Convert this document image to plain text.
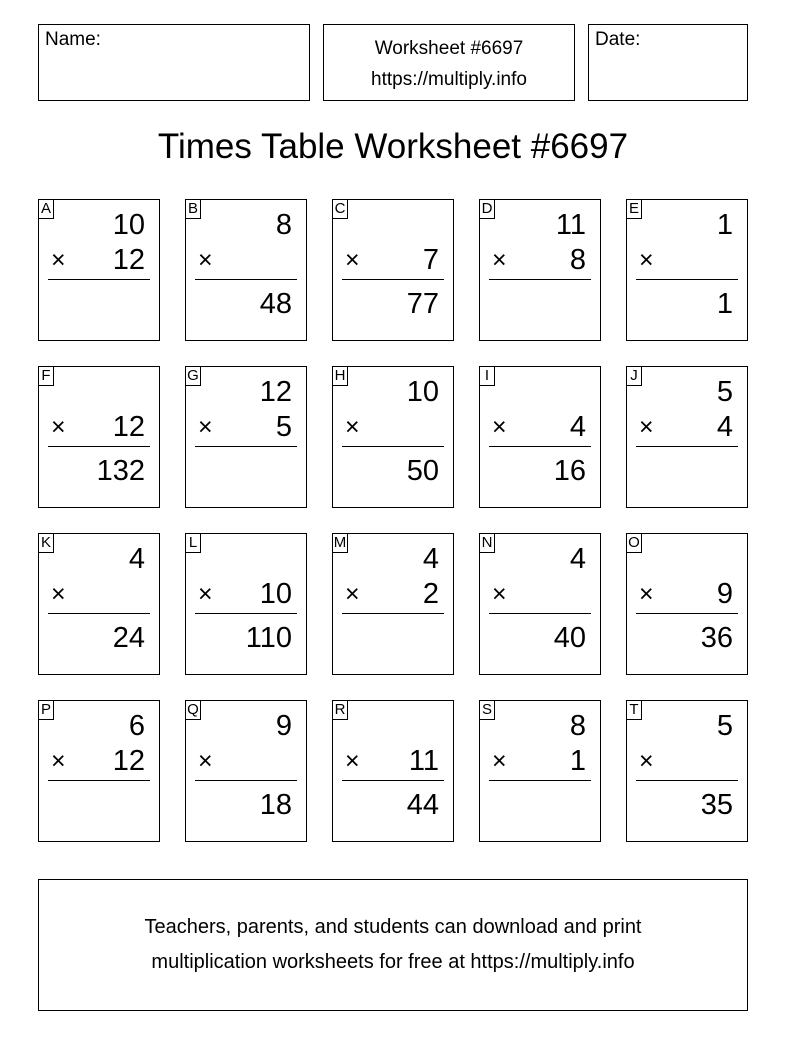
Name:	Worksheet #6697
https://multiply.info
Date:
Times Table Worksheet #6697
A
10
× 12
B
8
×
48
C
× 7
77
D
11
× 8
E
1
×
1
F
× 12
132
G
12
× 5
H
10
×
50
I
× 4
16
J
5
× 4
K
4
×
24
L
× 10
110
M
4
× 2
N
4
×
40
O
× 9
36
P
6
× 12
Q
9
×
18
R
× 11
44
S
8
× 1
T
5
×
35
Teachers, parents, and students can download and print
multiplication worksheets for free at https://multiply.info
